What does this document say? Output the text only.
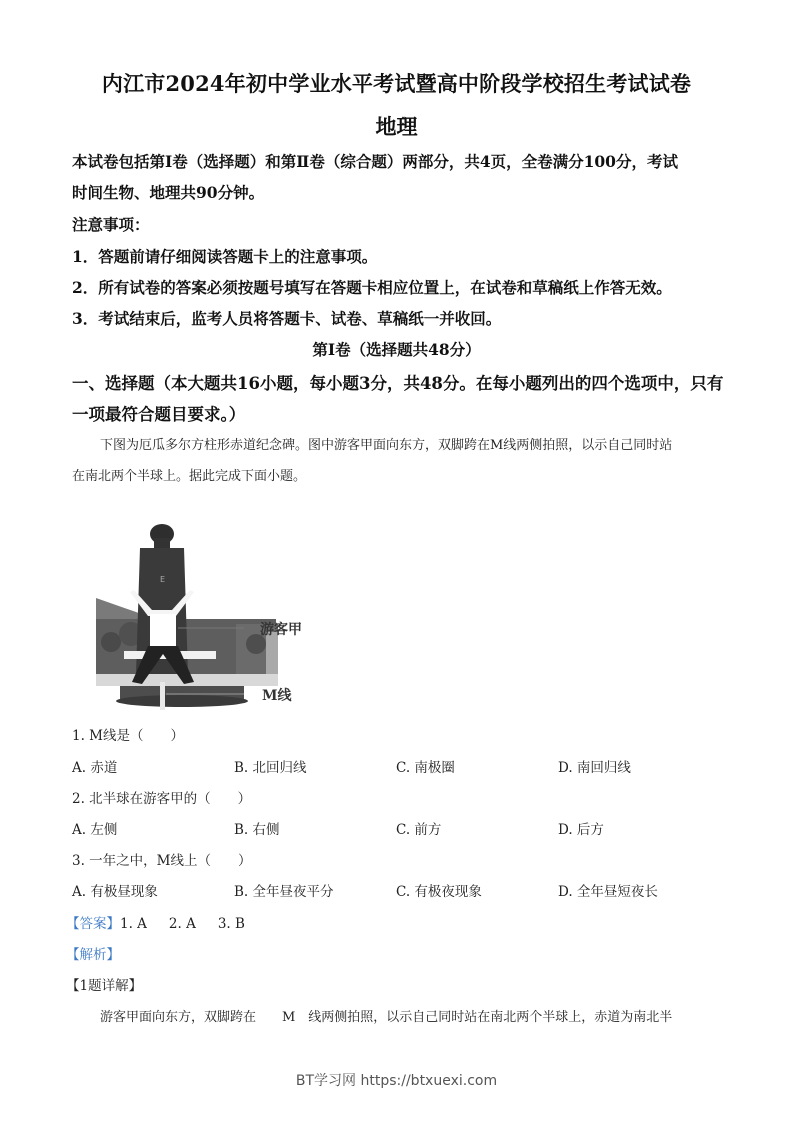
内江市2024年初中学业水平考试暨高中阶段学校招生考试试卷
地理
本试卷包括第Ⅰ卷（选择题）和第Ⅱ卷（综合题）两部分，共4页，全卷满分100分，考试
时间生物、地理共90分钟。
注意事项：
1．答题前请仔细阅读答题卡上的注意事项。
2．所有试卷的答案必须按题号填写在答题卡相应位置上，在试卷和草稿纸上作答无效。
3．考试结束后，监考人员将答题卡、试卷、草稿纸一并收回。
第Ⅰ卷（选择题共48分）
一、选择题（本大题共16小题，每小题3分，共48分。在每小题列出的四个选项中，只有
一项最符合题目要求。）
下图为厄瓜多尔方柱形赤道纪念碑。图中游客甲面向东方，双脚跨在M线两侧拍照，以示自己同时站
在南北两个半球上。据此完成下面小题。
E
游客甲
M线
1. M线是（　　）
A. 赤道	B. 北回归线	C. 南极圈	D. 南回归线
2. 北半球在游客甲的（　　）
A. 左侧	B. 右侧	C. 前方	D. 后方
3. 一年之中，M线上（　　）
A. 有极昼现象	B. 全年昼夜平分	C. 有极夜现象	D. 全年昼短夜长
【答案】1. A 2. A 3. B
【解析】
【1题详解】
游客甲面向东方，双脚跨在　　M　线两侧拍照，以示自己同时站在南北两个半球上，赤道为南北半
BT学习网 https://btxuexi.com
